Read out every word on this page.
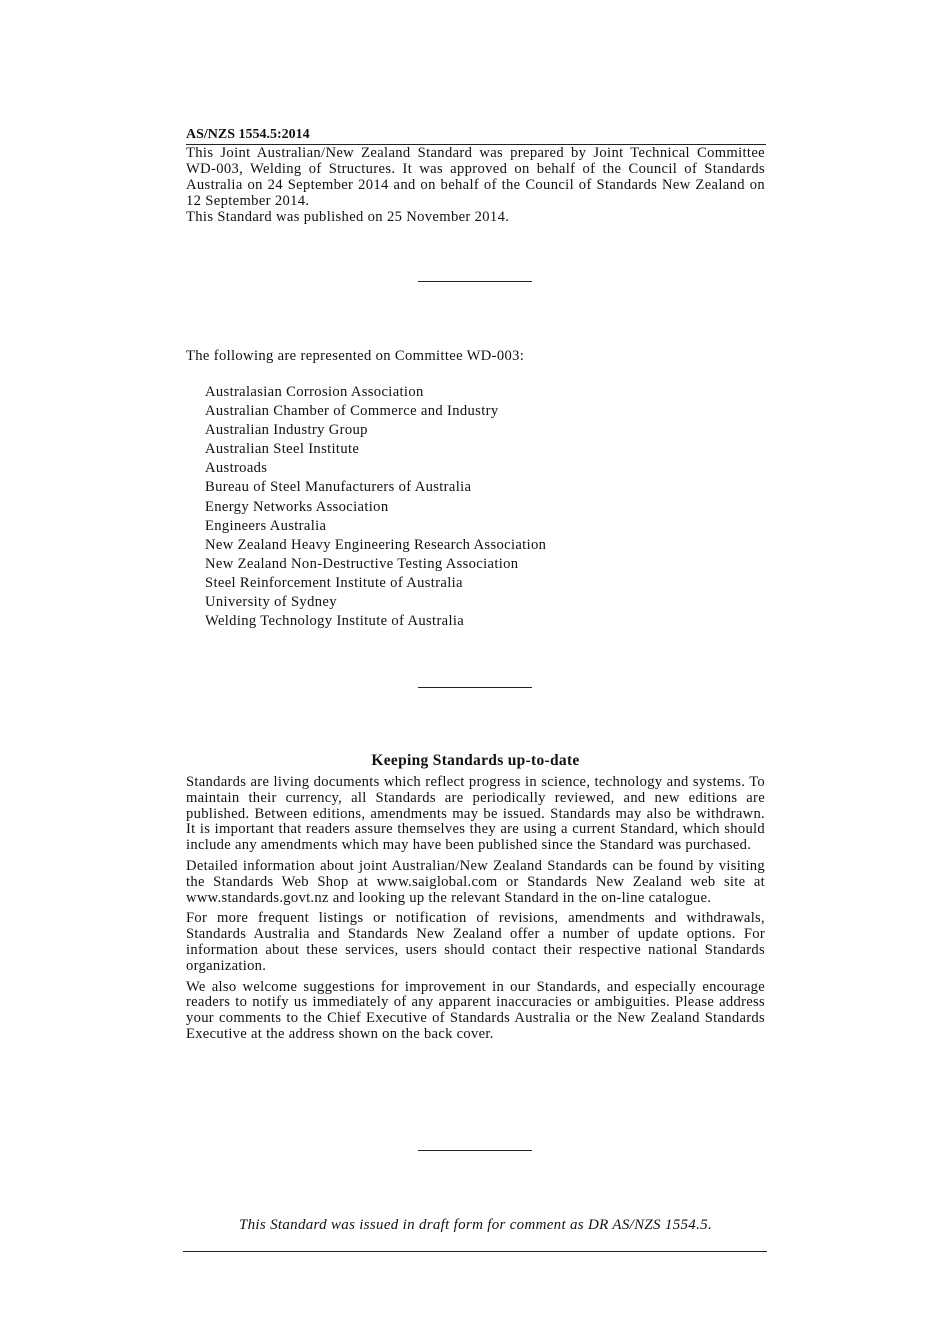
AS/NZS 1554.5:2014

This Joint Australian/New Zealand Standard was prepared by Joint Technical Committee WD-003, Welding of Structures. It was approved on behalf of the Council of Standards Australia on 24 September 2014 and on behalf of the Council of Standards New Zealand on 12 September 2014.

This Standard was published on 25 November 2014.
The following are represented on Committee WD-003:
Australasian Corrosion Association
Australian Chamber of Commerce and Industry
Australian Industry Group
Australian Steel Institute
Austroads
Bureau of Steel Manufacturers of Australia
Energy Networks Association
Engineers Australia
New Zealand Heavy Engineering Research Association
New Zealand Non-Destructive Testing Association
Steel Reinforcement Institute of Australia
University of Sydney
Welding Technology Institute of Australia
Keeping Standards up-to-date

Standards are living documents which reflect progress in science, technology and systems. To maintain their currency, all Standards are periodically reviewed, and new editions are published. Between editions, amendments may be issued. Standards may also be withdrawn. It is important that readers assure themselves they are using a current Standard, which should include any amendments which may have been published since the Standard was purchased.

Detailed information about joint Australian/New Zealand Standards can be found by visiting the Standards Web Shop at www.saiglobal.com or Standards New Zealand web site at www.standards.govt.nz and looking up the relevant Standard in the on-line catalogue.

For more frequent listings or notification of revisions, amendments and withdrawals, Standards Australia and Standards New Zealand offer a number of update options. For information about these services, users should contact their respective national Standards organization.

We also welcome suggestions for improvement in our Standards, and especially encourage readers to notify us immediately of any apparent inaccuracies or ambiguities. Please address your comments to the Chief Executive of Standards Australia or the New Zealand Standards Executive at the address shown on the back cover.

This Standard was issued in draft form for comment as DR AS/NZS 1554.5.
